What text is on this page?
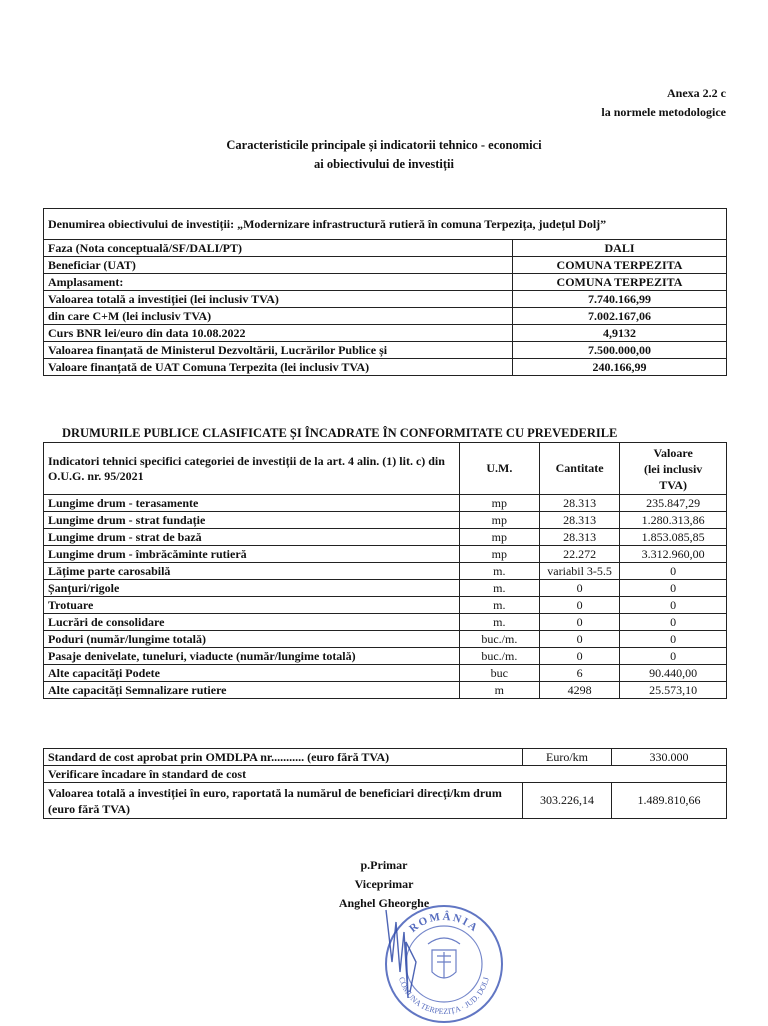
Anexa 2.2 c
la normele metodologice
Caracteristicile principale și indicatorii tehnico - economici
ai obiectivului de investiții
Denumirea obiectivului de investiții: „Modernizare infrastructură rutieră în comuna Terpezița, județul Dolj”	
Faza (Nota conceptuală/SF/DALI/PT)	DALI
Beneficiar (UAT)	COMUNA TERPEZITA
Amplasament:	COMUNA TERPEZITA
Valoarea totală a investiției (lei inclusiv TVA)	7.740.166,99
din care C+M (lei inclusiv TVA)	7.002.167,06
Curs BNR lei/euro din data 10.08.2022	4,9132
Valoarea finanțată de Ministerul Dezvoltării, Lucrărilor Publice și	7.500.000,00
Valoare finanțată de UAT Comuna Terpezita (lei inclusiv TVA)	240.166,99
DRUMURILE PUBLICE CLASIFICATE ȘI ÎNCADRATE ÎN CONFORMITATE CU PREVEDERILE
Indicatori tehnici specifici categoriei de investiții de la art. 4 alin. (1) lit. c) din O.U.G. nr. 95/2021	U.M.	Cantitate	Valoare
(lei inclusiv
TVA)

Lungime drum - terasamente	mp	28.313	235.847,29
Lungime drum - strat fundație	mp	28.313	1.280.313,86
Lungime drum - strat de bază	mp	28.313	1.853.085,85
Lungime drum - îmbrăcăminte rutieră	mp	22.272	3.312.960,00
Lățime parte carosabilă	m.	variabil 3-5.5	0
Șanțuri/rigole	m.	0	0
Trotuare	m.	0	0
Lucrări de consolidare	m.	0	0
Poduri (număr/lungime totală)	buc./m.	0	0
Pasaje denivelate, tuneluri, viaducte (număr/lungime totală)	buc./m.	0	0
Alte capacități Podete	buc	6	90.440,00
Alte capacități Semnalizare rutiere	m	4298	25.573,10
Standard de cost aprobat prin OMDLPA nr........... (euro fără TVA)	Euro/km	330.000
Verificare încadare în standard de cost		
Valoarea totală a investiției în euro, raportată la numărul de beneficiari direcți/km drum (euro fără TVA)	303.226,14	1.489.810,66
p.Primar
Viceprimar
Anghel Gheorghe
ROMÂNIA
COMUNA TERPEZIȚA · JUD. DOLJ
